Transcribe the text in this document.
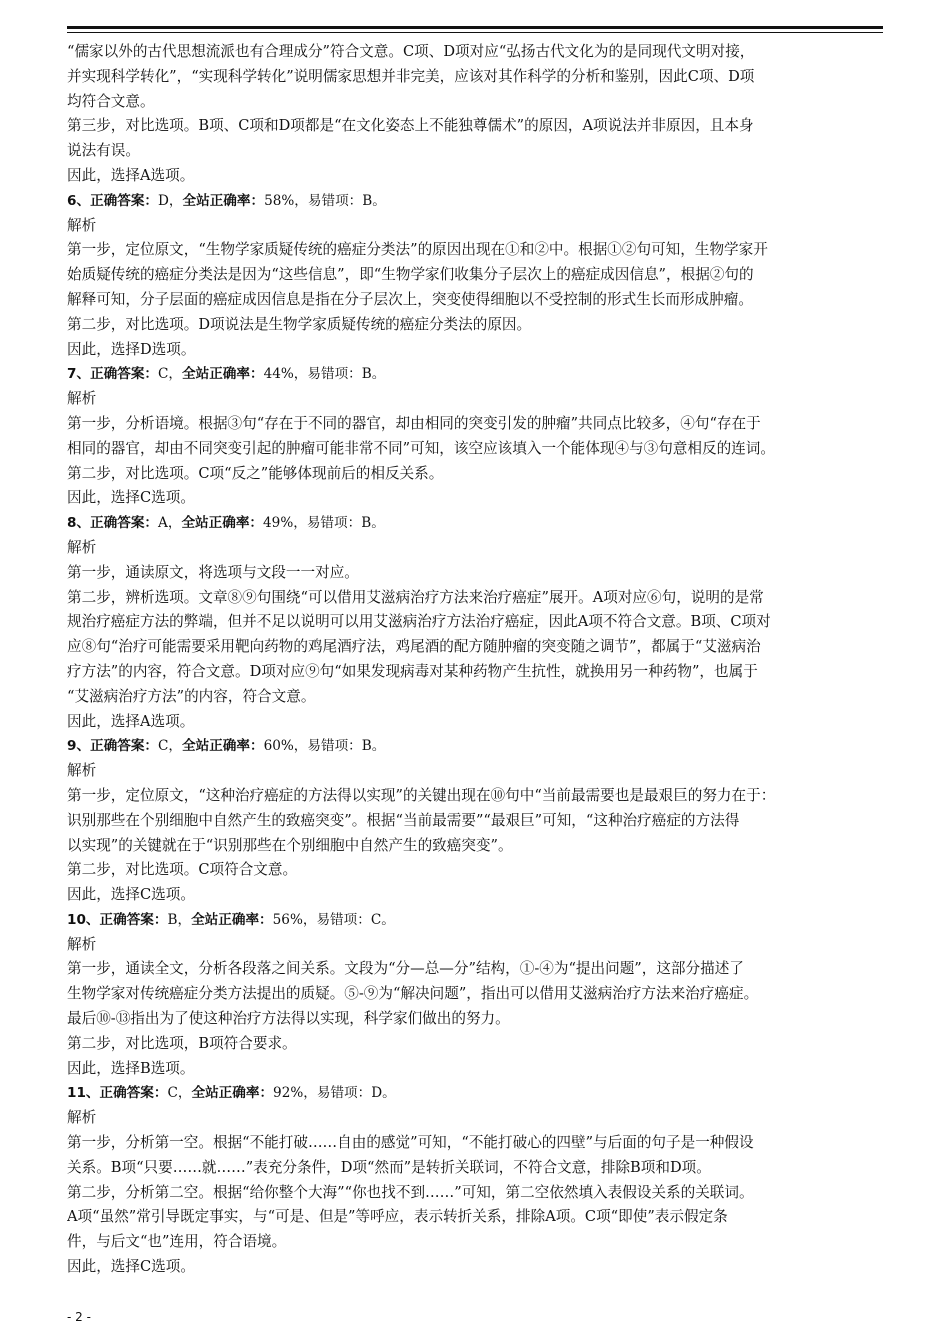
“儒家以外的古代思想流派也有合理成分”符合文意。C项、D项对应“弘扬古代文化为的是同现代文明对接，
并实现科学转化”，“实现科学转化”说明儒家思想并非完美，应该对其作科学的分析和鉴别，因此C项、D项
均符合文意。
第三步，对比选项。B项、C项和D项都是“在文化姿态上不能独尊儒术”的原因，A项说法并非原因，且本身
说法有误。
因此，选择A选项。
6、正确答案：D，全站正确率：58%，易错项：B。
解析
第一步，定位原文，“生物学家质疑传统的癌症分类法”的原因出现在①和②中。根据①②句可知，生物学家开
始质疑传统的癌症分类法是因为“这些信息”，即“生物学家们收集分子层次上的癌症成因信息”，根据②句的
解释可知，分子层面的癌症成因信息是指在分子层次上，突变使得细胞以不受控制的形式生长而形成肿瘤。
第二步，对比选项。D项说法是生物学家质疑传统的癌症分类法的原因。
因此，选择D选项。
7、正确答案：C，全站正确率：44%，易错项：B。
解析
第一步，分析语境。根据③句“存在于不同的器官，却由相同的突变引发的肿瘤”共同点比较多，④句“存在于
相同的器官，却由不同突变引起的肿瘤可能非常不同”可知，该空应该填入一个能体现④与③句意相反的连词。
第二步，对比选项。C项“反之”能够体现前后的相反关系。
因此，选择C选项。
8、正确答案：A，全站正确率：49%，易错项：B。
解析
第一步，通读原文，将选项与文段一一对应。
第二步，辨析选项。文章⑧⑨句围绕“可以借用艾滋病治疗方法来治疗癌症”展开。A项对应⑥句，说明的是常
规治疗癌症方法的弊端，但并不足以说明可以用艾滋病治疗方法治疗癌症，因此A项不符合文意。B项、C项对
应⑧句“治疗可能需要采用靶向药物的鸡尾酒疗法，鸡尾酒的配方随肿瘤的突变随之调节”，都属于“艾滋病治
疗方法”的内容，符合文意。D项对应⑨句“如果发现病毒对某种药物产生抗性，就换用另一种药物”，也属于
“艾滋病治疗方法”的内容，符合文意。
因此，选择A选项。
9、正确答案：C，全站正确率：60%，易错项：B。
解析
第一步，定位原文，“这种治疗癌症的方法得以实现”的关键出现在⑩句中“当前最需要也是最艰巨的努力在于：
识别那些在个别细胞中自然产生的致癌突变”。根据“当前最需要”“最艰巨”可知，“这种治疗癌症的方法得
以实现”的关键就在于“识别那些在个别细胞中自然产生的致癌突变”。
第二步，对比选项。C项符合文意。
因此，选择C选项。
10、正确答案：B，全站正确率：56%，易错项：C。
解析
第一步，通读全文，分析各段落之间关系。文段为“分—总—分”结构，①-④为“提出问题”，这部分描述了
生物学家对传统癌症分类方法提出的质疑。⑤-⑨为“解决问题”，指出可以借用艾滋病治疗方法来治疗癌症。
最后⑩-⑬指出为了使这种治疗方法得以实现，科学家们做出的努力。
第二步，对比选项，B项符合要求。
因此，选择B选项。
11、正确答案：C，全站正确率：92%，易错项：D。
解析
第一步，分析第一空。根据“不能打破……自由的感觉”可知，“不能打破心的四壁”与后面的句子是一种假设
关系。B项“只要……就……”表充分条件，D项“然而”是转折关联词，不符合文意，排除B项和D项。
第二步，分析第二空。根据“给你整个大海”“你也找不到……”可知，第二空依然填入表假设关系的关联词。
A项“虽然”常引导既定事实，与“可是、但是”等呼应，表示转折关系，排除A项。C项“即使”表示假定条
件，与后文“也”连用，符合语境。
因此，选择C选项。
- 2 -
